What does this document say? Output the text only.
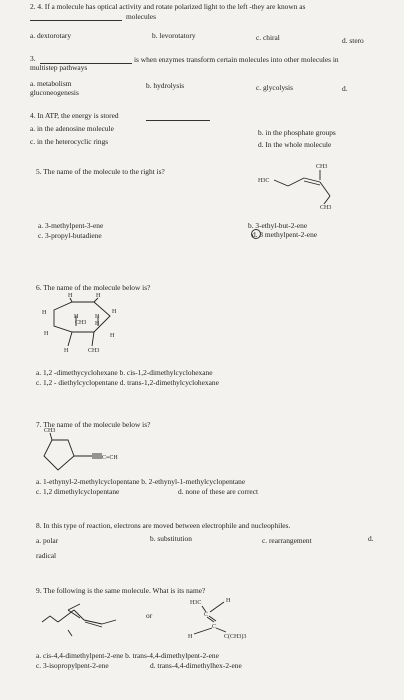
2. 4. If a molecule has optical activity and rotate polarized light to the left -they are known as
molecules
a. dextorotary	b. levorotatory	c. chiral	d. stero
3.	is when enzymes transform certain molecules into other molecules in
multistep pathways
a. metabolism
gluconeogenesis
b. hydrolysis	c. glycolysis	d.
4. In ATP, the energy is stored
a. in the adenosine molecule	b. in the phosphate groups
c. in the heterocyclic rings	d. In the whole molecule
5. The name of the molecule to the right is?	CH3
H3C
CH3
a. 3-methylpent-3-ene	b. 3-ethyl-but-2-ene
c. 3-propyl-butadiene	d. 3 methylpent-2-ene
6. The name of the molecule below is?
H	H
H	H
CH3
H	H
H
H	H
H	CH3
a. 1,2 -dimethycyclohexane b. cis-1,2-dimethylcyclohexane
c. 1,2 - diethylcyclopentane d. trans-1,2-dimethylcyclohexane
7. The name of the molecule below is?
CH3
C≡CH
a. 1-ethynyl-2-methylcyclopentane b. 2-ethynyl-1-methylcyclopentane
c. 1,2 dimethylcyclopentane	d. none of these are correct
8. In this type of reaction, electrons are moved between electrophile and nucleophiles.
a. polar	b. substitution	c. rearrangement	d.
radical
9. The following is the same molecule. What is its name?
or
H3C	H
H	C(CH3)3
C
C
a. cis-4,4-dimethylpent-2-ene b. trans-4,4-dimethylpent-2-ene
c. 3-isopropylpent-2-ene	d. trans-4,4-dimethylhex-2-ene
